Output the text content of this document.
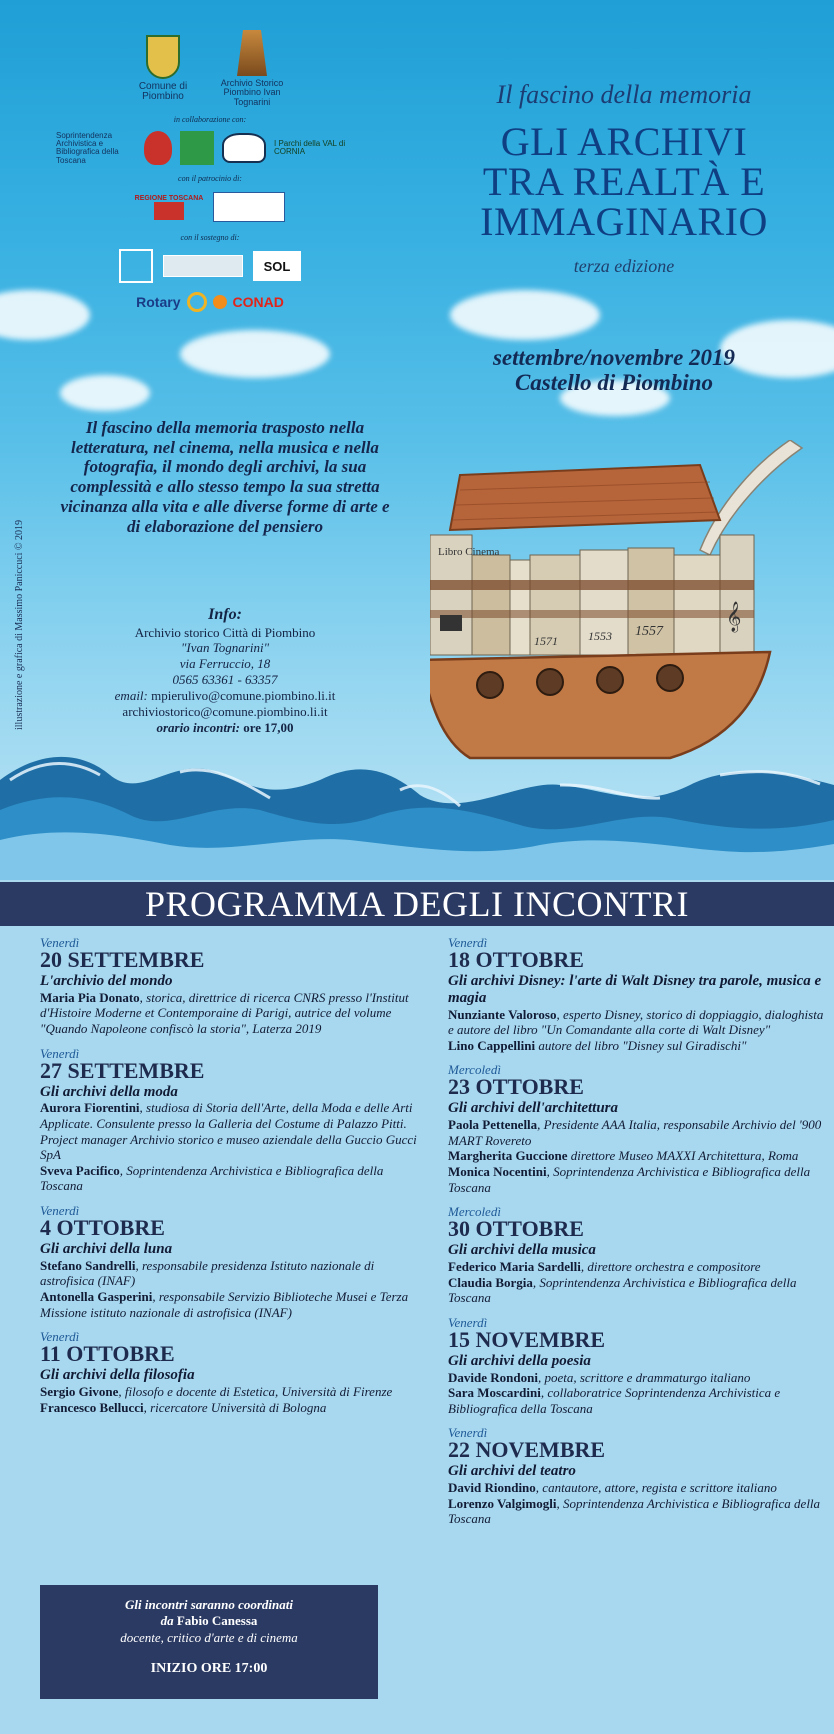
Comune di Piombino
Archivio Storico Piombino Ivan Tognarini
in collaborazione con:
Soprintendenza Archivistica e Bibliografica della Toscana
I Parchi della VAL di CORNIA
con il patrocinio di:
REGIONE TOSCANA
con il sostegno di:
SOL
Rotary	CONAD
Il fascino della memoria
GLI ARCHIVI
TRA REALTÀ E
IMMAGINARIO
terza edizione
settembre/novembre 2019
Castello di Piombino
illustrazione e grafica di Massimo Paniccuci © 2019
Il fascino della memoria trasposto nella letteratura, nel cinema, nella musica e nella fotografia, il mondo degli archivi, la sua complessità e allo stesso tempo la sua stretta vicinanza alla vita e alle diverse forme di arte e di elaborazione del pensiero
Info:
Archivio storico Città di Piombino
"Ivan Tognarini"
via Ferruccio, 18
0565 63361 - 63357
email: mpierulivo@comune.piombino.li.it
archiviostorico@comune.piombino.li.it
orario incontri: ore 17,00
Libro Cinema
1557
1553
1571
𝄞
PROGRAMMA DEGLI INCONTRI
Venerdì
20 SETTEMBRE
L'archivio del mondo
Maria Pia Donato, storica, direttrice di ricerca CNRS presso l'Institut d'Histoire Moderne et Contemporaine di Parigi, autrice del volume "Quando Napoleone confiscò la storia", Laterza 2019
Venerdì
27 SETTEMBRE
Gli archivi della moda
Aurora Fiorentini, studiosa di Storia dell'Arte, della Moda e delle Arti Applicate. Consulente presso la Galleria del Costume di Palazzo Pitti. Project manager Archivio storico e museo aziendale della Guccio Gucci SpA
Sveva Pacifico, Soprintendenza Archivistica e Bibliografica della Toscana
Venerdì
4 OTTOBRE
Gli archivi della luna
Stefano Sandrelli, responsabile presidenza Istituto nazionale di astrofisica (INAF)
Antonella Gasperini, responsabile Servizio Biblioteche Musei e Terza Missione istituto nazionale di astrofisica (INAF)
Venerdì
11 OTTOBRE
Gli archivi della filosofia
Sergio Givone, filosofo e docente di Estetica, Università di Firenze
Francesco Bellucci, ricercatore Università di Bologna
Venerdì
18 OTTOBRE
Gli archivi Disney: l'arte di Walt Disney tra parole, musica e magia
Nunziante Valoroso, esperto Disney, storico di doppiaggio, dialoghista e autore del libro "Un Comandante alla corte di Walt Disney"
Lino Cappellini autore del libro "Disney sul Giradischi"
Mercoledì
23 OTTOBRE
Gli archivi dell'architettura
Paola Pettenella, Presidente AAA Italia, responsabile Archivio del '900 MART Rovereto
Margherita Guccione direttore Museo MAXXI Architettura, Roma
Monica Nocentini, Soprintendenza Archivistica e Bibliografica della Toscana
Mercoledì
30 OTTOBRE
Gli archivi della musica
Federico Maria Sardelli, direttore orchestra e compositore
Claudia Borgia, Soprintendenza Archivistica e Bibliografica della Toscana
Venerdì
15 NOVEMBRE
Gli archivi della poesia
Davide Rondoni, poeta, scrittore e drammaturgo italiano
Sara Moscardini, collaboratrice Soprintendenza Archivistica e Bibliografica della Toscana
Venerdì
22 NOVEMBRE
Gli archivi del teatro
David Riondino, cantautore, attore, regista e scrittore italiano
Lorenzo Valgimogli, Soprintendenza Archivistica e Bibliografica della Toscana
Gli incontri saranno coordinati
da Fabio Canessa
docente, critico d'arte e di cinema
INIZIO ORE 17:00
